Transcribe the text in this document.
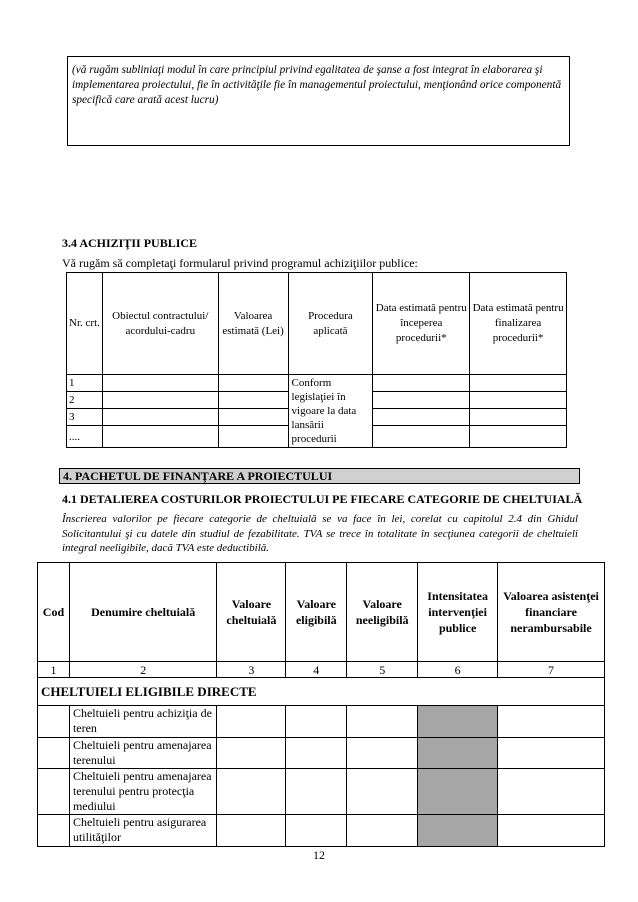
(vă rugăm subliniaţi modul în care principiul privind egalitatea de şanse a fost integrat în elaborarea şi implementarea proiectului, fie în activităţile fie în managementul proiectului, menţionând orice componentă specifică care arată acest lucru)

3.4 ACHIZIŢII PUBLICE
Vă rugăm să completaţi formularul privind programul achiziţiilor publice:
Nr. crt.	Obiectul contractului/ acordului-cadru	Valoarea estimată (Lei)	Procedura aplicată	Data estimată pentru începerea procedurii*	Data estimată pentru finalizarea procedurii*
1			Conform legislaţiei în vigoare la data lansării procedurii		
2					
3					
....					
4. PACHETUL DE FINANŢARE A PROIECTULUI
4.1 DETALIEREA COSTURILOR PROIECTULUI PE FIECARE CATEGORIE DE CHELTUIALĂ
Înscrierea valorilor pe fiecare categorie de cheltuială se va face în lei, corelat cu capitolul 2.4 din Ghidul Solicitantului şi cu datele din studiul de fezabilitate. TVA se trece în totalitate în secţiunea categorii de cheltuieli integral neeligibile, dacă TVA este deductibilă.
Cod	Denumire cheltuială	Valoare cheltuială	Valoare eligibilă	Valoare neeligibilă	Intensitatea intervenţiei publice	Valoarea asistenţei financiare nerambursabile
1	2	3	4	5	6	7
CHELTUIELI ELIGIBILE DIRECTE						
	Cheltuieli pentru achiziţia de teren					
	Cheltuieli pentru amenajarea terenului					
	Cheltuieli pentru amenajarea terenului pentru protecţia mediului					
	Cheltuieli pentru asigurarea utilităţilor					
12
